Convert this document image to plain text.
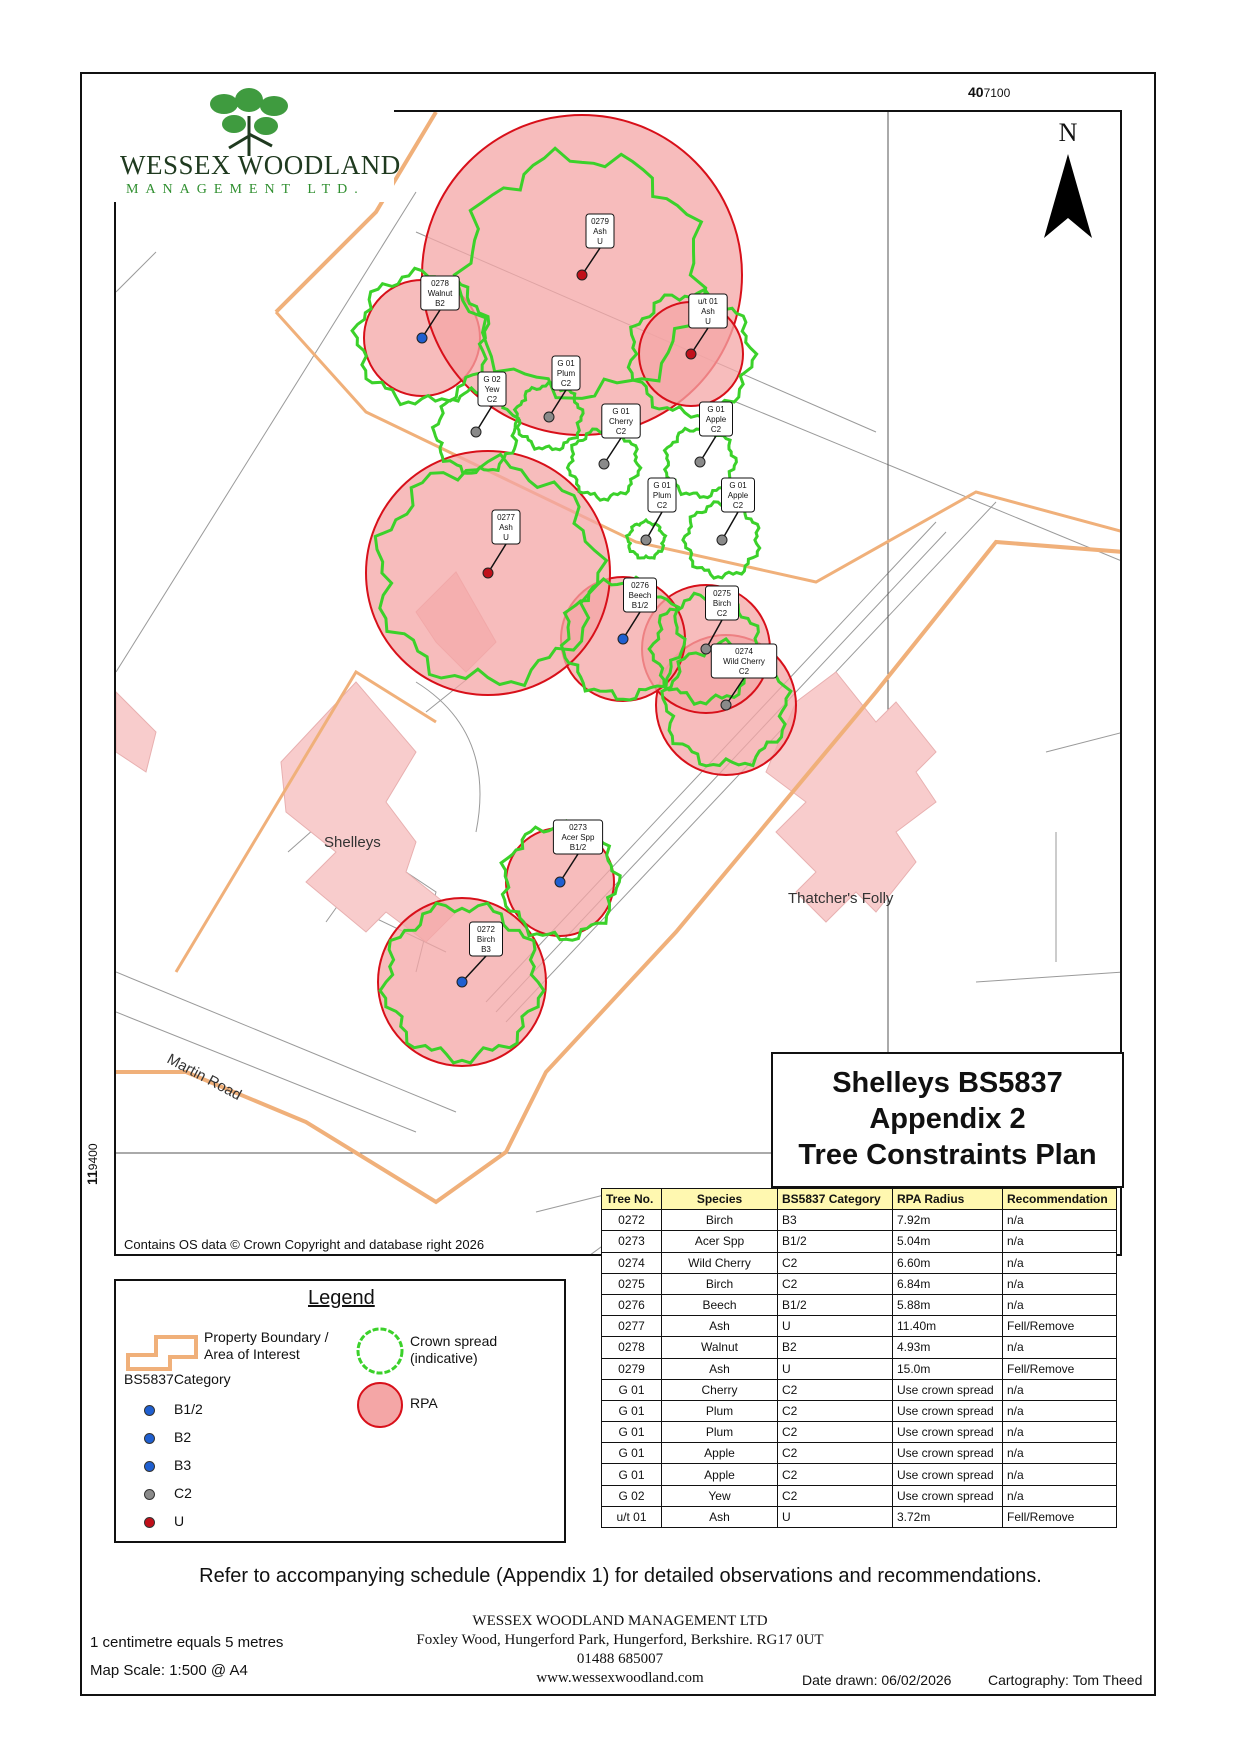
0272
Birch
B3
0273
Acer Spp
B1/2
0274
Wild Cherry
C2
0275
Birch
C2
0276
Beech
B1/2
0277
Ash
U
0278
Walnut
B2
0279
Ash
U
u/t 01
Ash
U
G 01
Plum
C2
G 02
Yew
C2
G 01
Cherry
C2
G 01
Apple
C2
G 01
Plum
C2
G 01
Apple
C2
Shelleys
Thatcher's Folly
Martin Road
WESSEX WOODLAND
MANAGEMENT LTD.
407100
119400
N
Contains OS data © Crown Copyright and database right 2026
Shelleys BS5837
Appendix 2
Tree Constraints Plan
Tree No.	Species	BS5837 Category	RPA Radius	Recommendation
0272	Birch	B3	7.92m	n/a
0273	Acer Spp	B1/2	5.04m	n/a
0274	Wild Cherry	C2	6.60m	n/a
0275	Birch	C2	6.84m	n/a
0276	Beech	B1/2	5.88m	n/a
0277	Ash	U	11.40m	Fell/Remove
0278	Walnut	B2	4.93m	n/a
0279	Ash	U	15.0m	Fell/Remove
G 01	Cherry	C2	Use crown spread	n/a
G 01	Plum	C2	Use crown spread	n/a
G 01	Plum	C2	Use crown spread	n/a
G 01	Apple	C2	Use crown spread	n/a
G 01	Apple	C2	Use crown spread	n/a
G 02	Yew	C2	Use crown spread	n/a
u/t 01	Ash	U	3.72m	Fell/Remove
Legend
Property Boundary /
Area of Interest
Crown spread
(indicative)
RPA
BS5837Category
B1/2
B2
B3
C2
U
Refer to accompanying schedule (Appendix 1) for detailed observations and recommendations.
1 centimetre equals 5 metres
Map Scale: 1:500 @ A4
WESSEX WOODLAND MANAGEMENT LTD
Foxley Wood, Hungerford Park, Hungerford, Berkshire. RG17 0UT
01488 685007
www.wessexwoodland.com	Date drawn: 06/02/2026	Cartography: Tom Theed
